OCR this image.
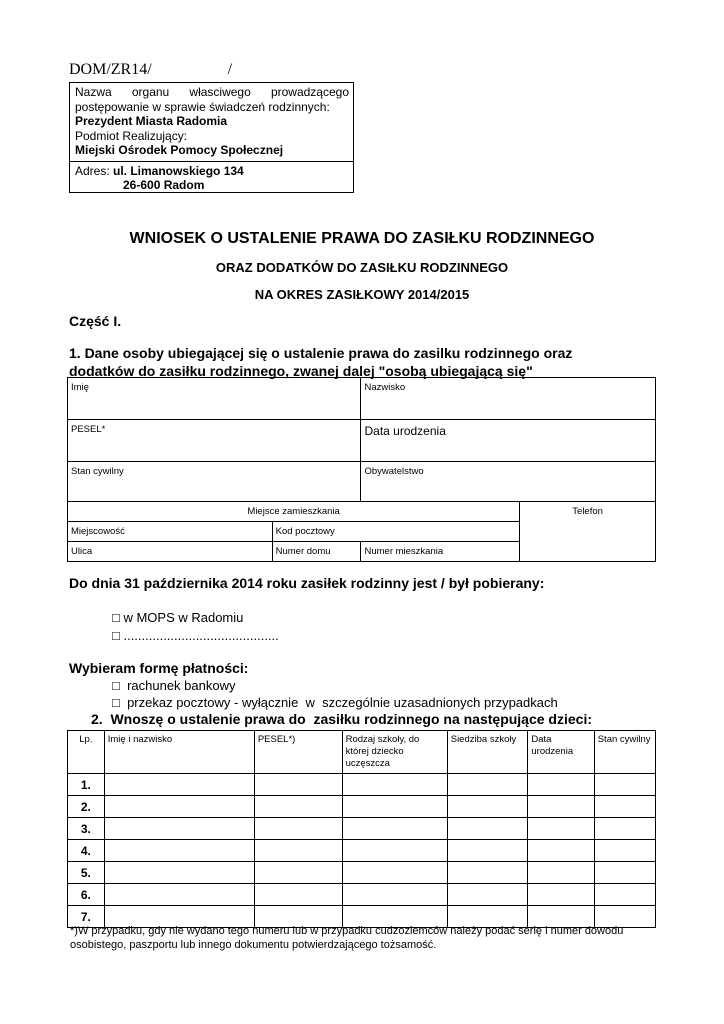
DOM/ZR14/                   /
Nazwa organu własciwego prowadzącego
postępowanie w sprawie świadczeń rodzinnych:
Prezydent Miasta Radomia
Podmiot Realizujący:
Miejski Ośrodek Pomocy Społecznej
Adres: ul. Limanowskiego 134
26-600 Radom
WNIOSEK O USTALENIE PRAWA DO ZASIŁKU RODZINNEGO
ORAZ DODATKÓW DO ZASIŁKU RODZINNEGO
NA OKRES ZASIŁKOWY 2014/2015
Część I.
1. Dane osoby ubiegającej się o ustalenie prawa do zasilku rodzinnego oraz dodatków do zasiłku rodzinnego, zwanej dalej "osobą ubiegającą się"
Imię		Nazwisko	
PESEL*		Data urodzenia	
Stan cywilny		Obywatelstwo	
Miejsce zamieszkania			Telefon
Miejscowość	Kod pocztowy		
Ulica	Numer domu	Numer mieszkania	
Do dnia 31 października 2014 roku zasiłek rodzinny jest / był pobierany:
□ w MOPS w Radomiu
□ ...........................................
Wybieram formę płatności:
□  rachunek bankowy
□  przekaz pocztowy - wyłącznie  w  szczególnie uzasadnionych przypadkach
2.  Wnoszę o ustalenie prawa do  zasiłku rodzinnego na następujące dzieci:
Lp.	Imię i nazwisko	PESEL*)	Rodzaj szkoły, do której dziecko uczęszcza	Siedziba szkoły	Data urodzenia	Stan cywilny
1.						
2.						
3.						
4.						
5.						
6.						
7.						
*)W przypadku, gdy nie wydano tego numeru lub w przypadku cudzoziemców należy podać serię i numer dowodu osobistego, paszportu lub innego dokumentu potwierdzającego tożsamość.
